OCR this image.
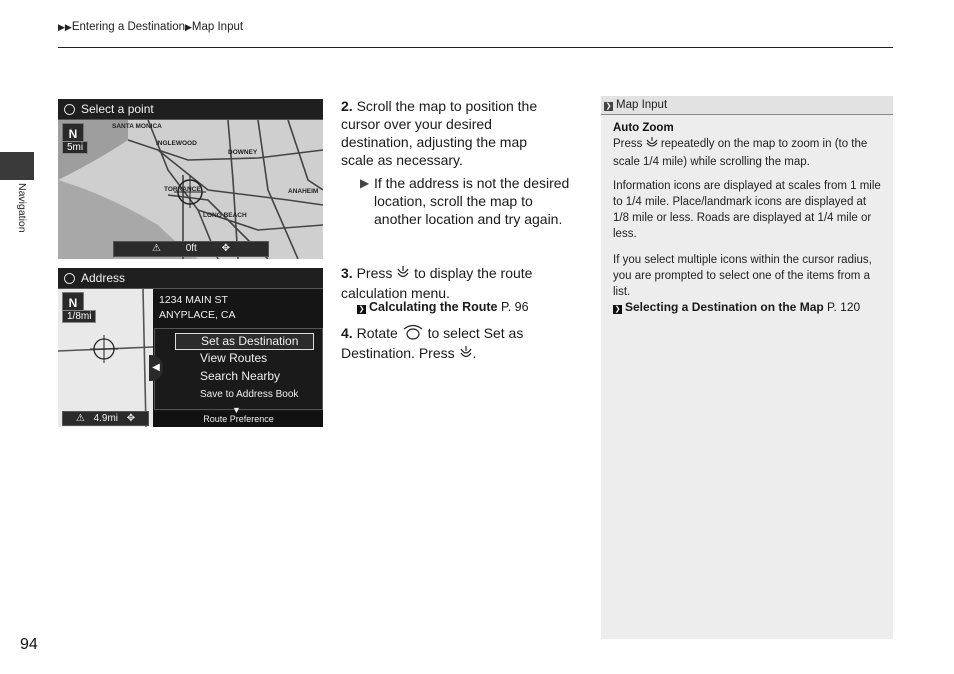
▶▶Entering a Destination▶Map Input
Navigation
94
Select a point
N
5mi
SANTA MONICA
INGLEWOOD
DOWNEY
TORRANCE
LONG BEACH
ANAHEIM
⚠ 0ft ✥
Address
N
1/8mi
1234 MAIN ST
ANYPLACE, CA
⚠ 4.9mi ✥
◀
Set as Destination
View Routes
Search Nearby
Save to Address Book
▼
Route Preference
2. Scroll the map to position the cursor over your desired destination, adjusting the map scale as necessary.
▶ If the address is not the desired location, scroll the map to another location and try again.
3. Press to display the route calculation menu.
❯ Calculating the Route P. 96
4. Rotate to select Set as Destination. Press .
❯ Map Input
Auto Zoom
Press repeatedly on the map to zoom in (to the scale 1/4 mile) while scrolling the map.
Information icons are displayed at scales from 1 mile to 1/4 mile. Place/landmark icons are displayed at 1/8 mile or less. Roads are displayed at 1/4 mile or less.
If you select multiple icons within the cursor radius, you are prompted to select one of the items from a list.
❯ Selecting a Destination on the Map P. 120
